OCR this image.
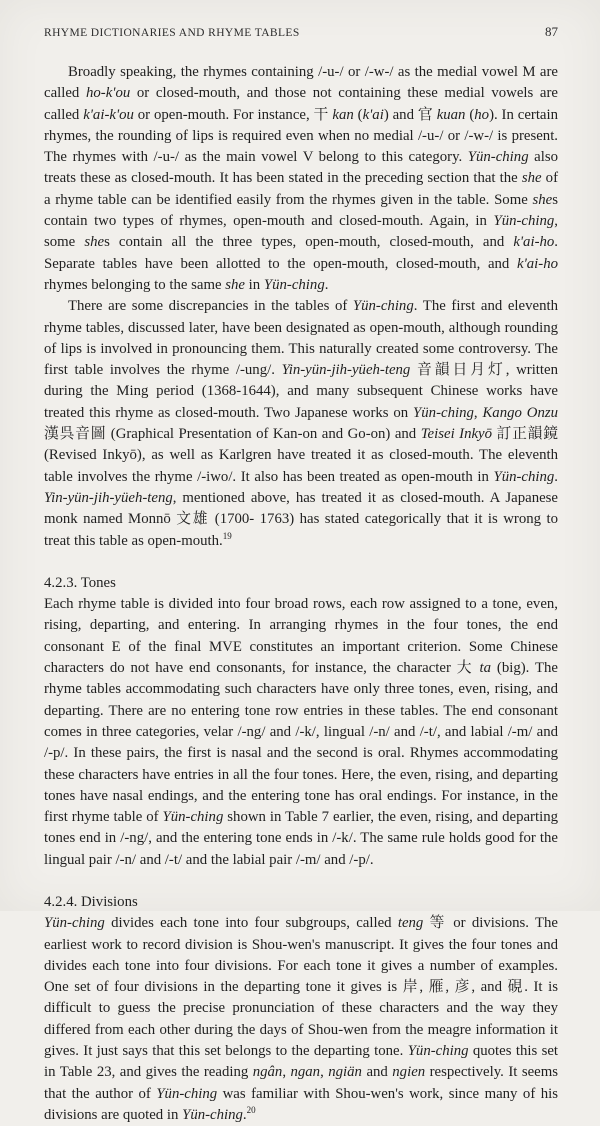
RHYME DICTIONARIES AND RHYME TABLES	87

Broadly speaking, the rhymes containing /-u-/ or /-w-/ as the medial vowel M are called ho-k'ou or closed-mouth, and those not containing these medial vowels are called k'ai-k'ou or open-mouth. For instance, 干 kan (k'ai) and 官 kuan (ho). In certain rhymes, the rounding of lips is required even when no medial /-u-/ or /-w-/ is present. The rhymes with /-u-/ as the main vowel V belong to this category. Yün-ching also treats these as closed-mouth. It has been stated in the preceding section that the she of a rhyme table can be identified easily from the rhymes given in the table. Some shes contain two types of rhymes, open-mouth and closed-mouth. Again, in Yün-ching, some shes contain all the three types, open-mouth, closed-mouth, and k'ai-ho. Separate tables have been allotted to the open-mouth, closed-mouth, and k'ai-ho rhymes belonging to the same she in Yün-ching.

There are some discrepancies in the tables of Yün-ching. The first and eleventh rhyme tables, discussed later, have been designated as open-mouth, although rounding of lips is involved in pronouncing them. This naturally created some controversy. The first table involves the rhyme /-ung/. Yin-yün-jih-yüeh-teng 音韻日月灯, written during the Ming period (1368-1644), and many subsequent Chinese works have treated this rhyme as closed-mouth. Two Japanese works on Yün-ching, Kango Onzu 漢呉音圖 (Graphical Presentation of Kan-on and Go-on) and Teisei Inkyō 訂正韻鏡 (Revised Inkyō), as well as Karlgren have treated it as closed-mouth. The eleventh table involves the rhyme /-iwo/. It also has been treated as open-mouth in Yün-ching. Yin-yün-jih-yüeh-teng, mentioned above, has treated it as closed-mouth. A Japanese monk named Monnō 文雄 (1700- 1763) has stated categorically that it is wrong to treat this table as open-mouth.$^{19}$

4.2.3. Tones

Each rhyme table is divided into four broad rows, each row assigned to a tone, even, rising, departing, and entering. In arranging rhymes in the four tones, the end consonant E of the final MVE constitutes an important criterion. Some Chinese characters do not have end consonants, for instance, the character 大 ta (big). The rhyme tables accommodating such characters have only three tones, even, rising, and departing. There are no entering tone row entries in these tables. The end consonant comes in three categories, velar /-ng/ and /-k/, lingual /-n/ and /-t/, and labial /-m/ and /-p/. In these pairs, the first is nasal and the second is oral. Rhymes accommodating these characters have entries in all the four tones. Here, the even, rising, and departing tones have nasal endings, and the entering tone has oral endings. For instance, in the first rhyme table of Yün-ching shown in Table 7 earlier, the even, rising, and departing tones end in /-ng/, and the entering tone ends in /-k/. The same rule holds good for the lingual pair /-n/ and /-t/ and the labial pair /-m/ and /-p/.

4.2.4. Divisions

Yün-ching divides each tone into four subgroups, called teng 等 or divisions. The earliest work to record division is Shou-wen's manuscript. It gives the four tones and divides each tone into four divisions. For each tone it gives a number of examples. One set of four divisions in the departing tone it gives is 岸, 雁, 彦, and 硯. It is difficult to guess the precise pronunciation of these characters and the way they differed from each other during the days of Shou-wen from the meagre information it gives. It just says that this set belongs to the departing tone. Yün-ching quotes this set in Table 23, and gives the reading ngân, ngan, ngiän and ngien respectively. It seems that the author of Yün-ching was familiar with Shou-wen's work, since many of his divisions are quoted in Yün-ching.$^{20}$
